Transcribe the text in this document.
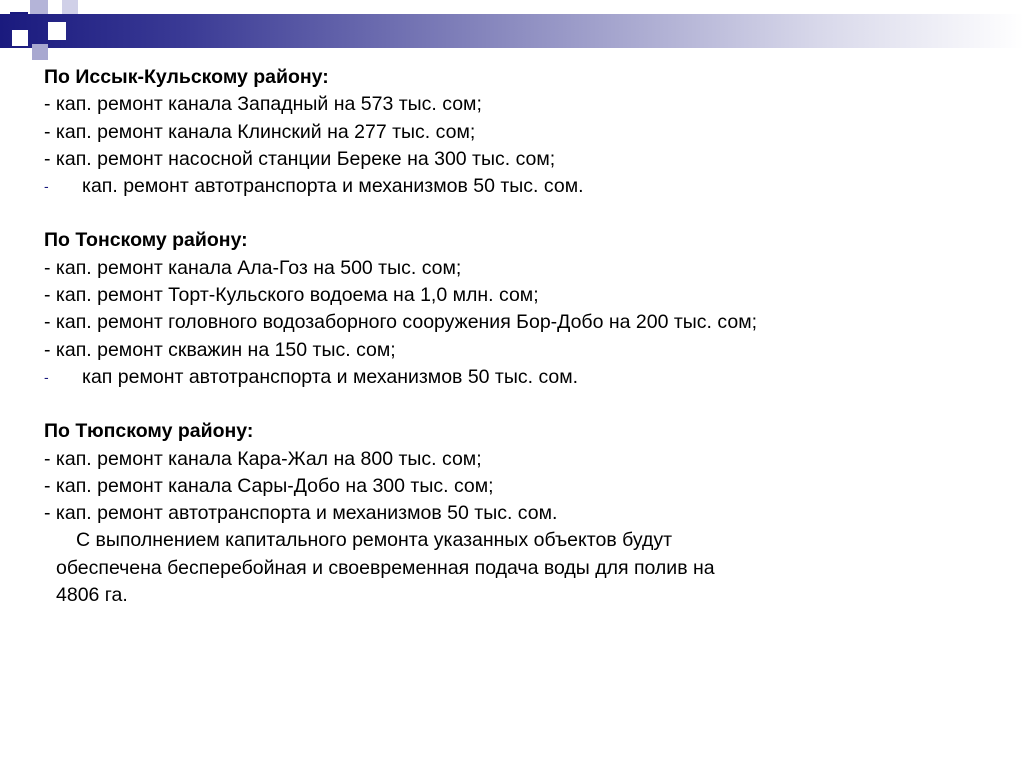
По Иссык-Кульскому району:

- кап. ремонт канала Западный на 573 тыс. сом;

- кап. ремонт канала Клинский на 277 тыс. сом;

- кап. ремонт насосной станции Береке на 300 тыс. сом;

- кап. ремонт автотранспорта и механизмов 50 тыс. сом.

По Тонскому району:

- кап. ремонт канала Ала-Гоз на 500 тыс. сом;

- кап. ремонт Торт-Кульского водоема на 1,0 млн. сом;

- кап. ремонт головного водозаборного сооружения Бор-Добо на 200 тыс. сом;

- кап. ремонт скважин на 150 тыс. сом;

- кап ремонт автотранспорта и механизмов 50 тыс. сом.

По Тюпскому району:

- кап. ремонт канала Кара-Жал на 800 тыс. сом;

- кап. ремонт канала Сары-Добо на 300 тыс. сом;

- кап. ремонт автотранспорта и механизмов 50 тыс. сом.

С выполнением капитального ремонта указанных объектов будут
обеспечена бесперебойная и своевременная подача воды для полив на
4806 га.
